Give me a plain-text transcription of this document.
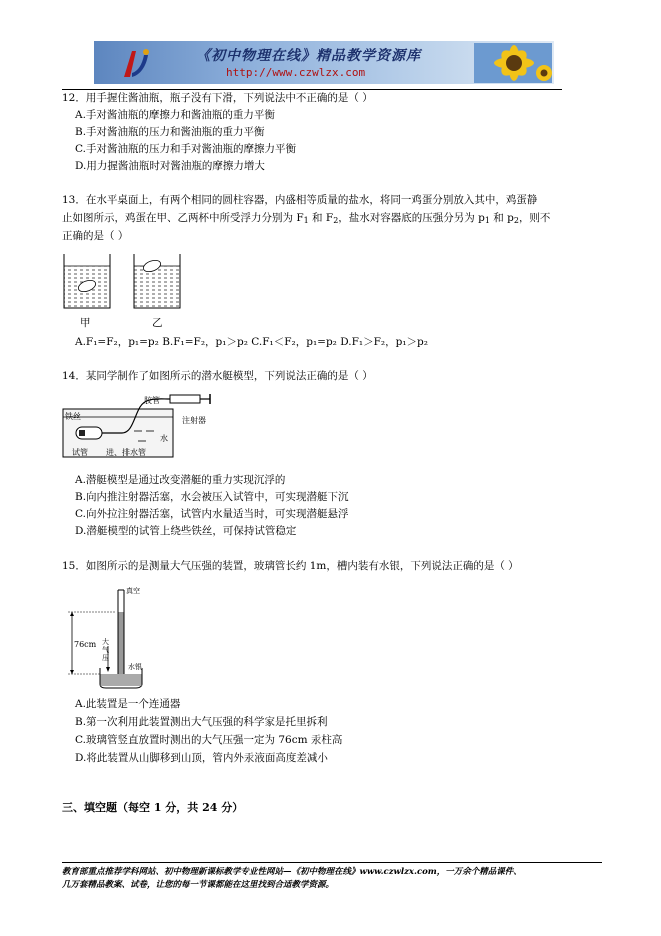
《初中物理在线》精品教学资源库
http://www.czwlzx.com
12．用手握住酱油瓶，瓶子没有下滑，下列说法中不正确的是（ ）
A.手对酱油瓶的摩擦力和酱油瓶的重力平衡
B.手对酱油瓶的压力和酱油瓶的重力平衡
C.手对酱油瓶的压力和手对酱油瓶的摩擦力平衡
D.用力握酱油瓶时对酱油瓶的摩擦力增大
13．在水平桌面上，有两个相同的圆柱容器，内盛相等质量的盐水，将同一鸡蛋分别放入其中，鸡蛋静
止如图所示，鸡蛋在甲、乙两杯中所受浮力分别为 $F_1$ 和 $F_2$，盐水对容器底的压强分另为 $p_1$ 和 $p_2$，则不
正确的是（ ）
甲	乙
A.F₁=F₂，p₁=p₂ B.F₁=F₂，p₁＞p₂ C.F₁＜F₂，p₁=p₂ D.F₁＞F₂，p₁＞p₂
14．某同学制作了如图所示的潜水艇模型，下列说法正确的是（ ）
胶管
铁丝	注射器
水
试管 进、排水管
A.潜艇模型是通过改变潜艇的重力实现沉浮的
B.向内推注射器活塞，水会被压入试管中，可实现潜艇下沉
C.向外拉注射器活塞，试管内水量适当时，可实现潜艇悬浮
D.潜艇模型的试管上绕些铁丝，可保持试管稳定
15．如图所示的是测量大气压强的装置，玻璃管长约 1m，槽内装有水银，下列说法正确的是（ ）
真空
76cm 大气压
水银
A.此装置是一个连通器
B.第一次利用此装置测出大气压强的科学家是托里拆利
C.玻璃管竖直放置时测出的大气压强一定为 76cm 汞柱高
D.将此装置从山脚移到山顶，管内外汞液面高度差减小
三、填空题（每空 1 分，共 24 分）
教育部重点推荐学科网站、初中物理新课标教学专业性网站—《初中物理在线》www.czwlzx.com，一万余个精品课件、
几万套精品教案、试卷，让您的每一节课都能在这里找到合适教学资源。
